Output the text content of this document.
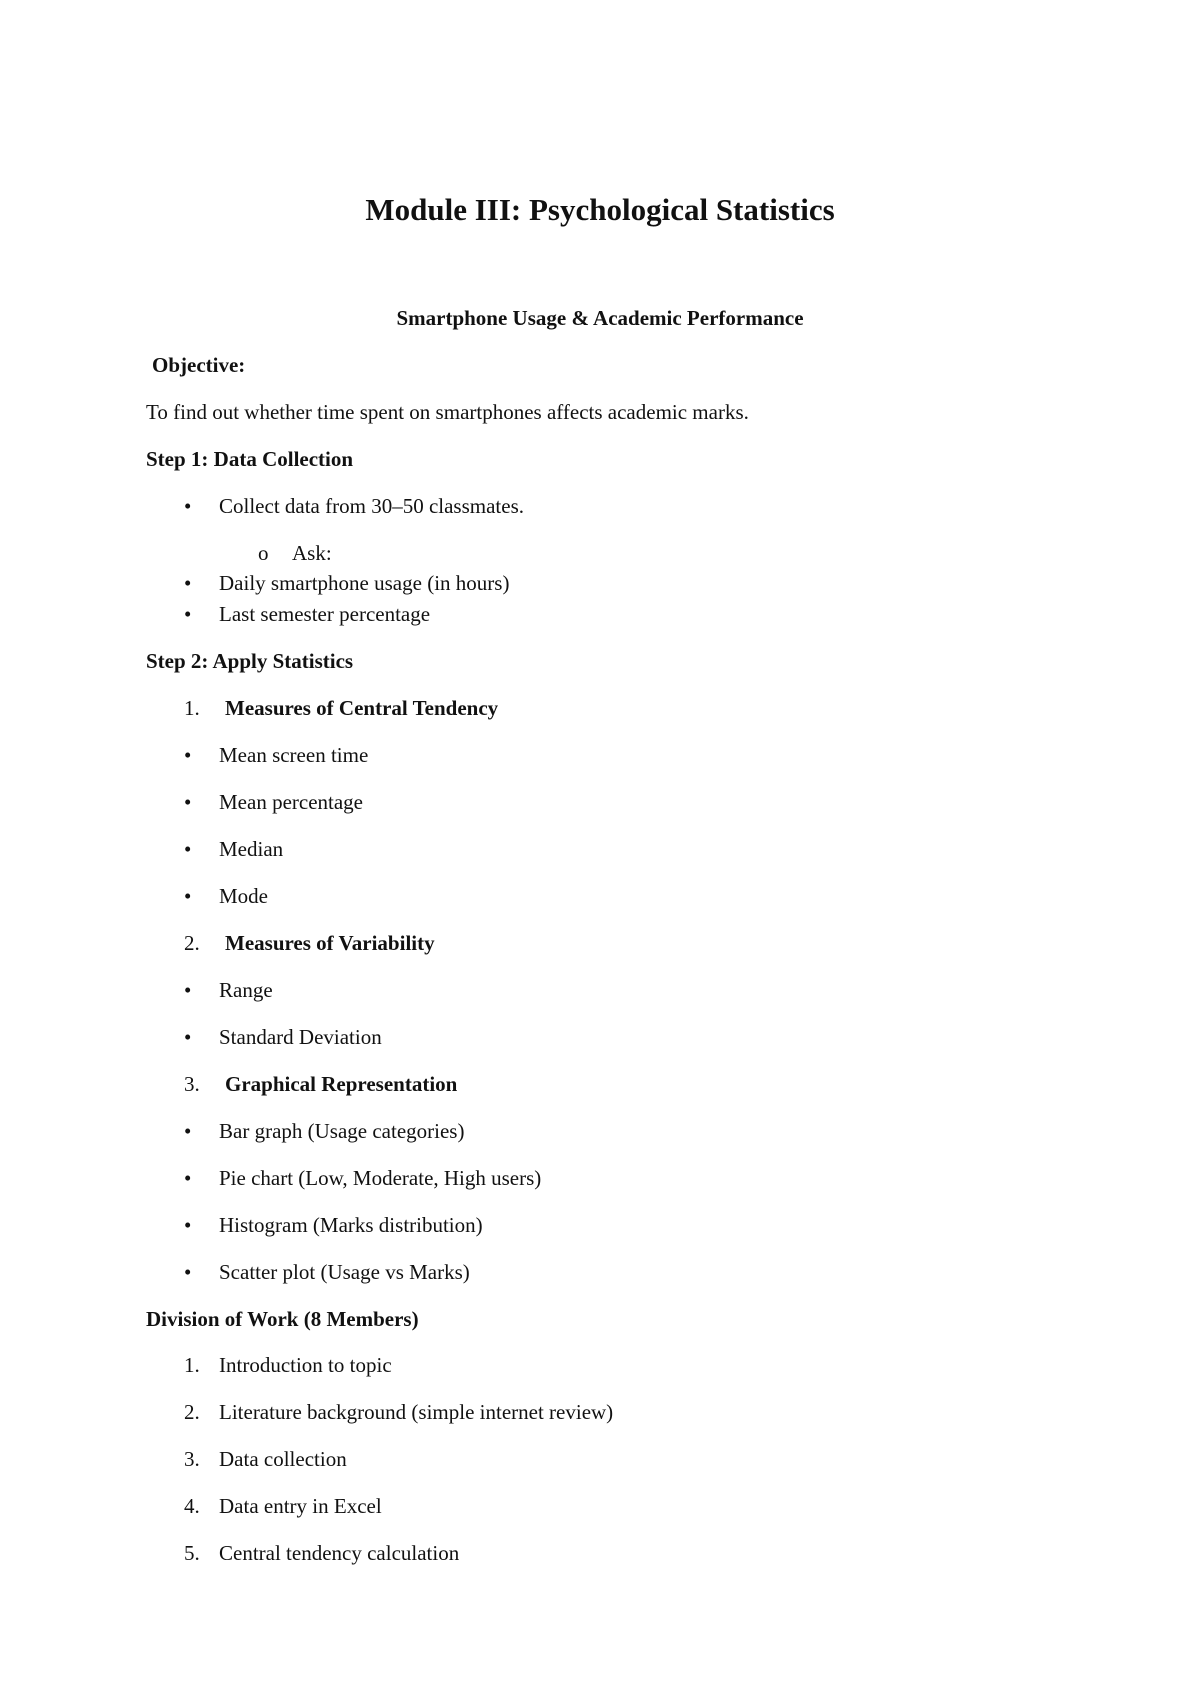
Module III: Psychological Statistics
Smartphone Usage & Academic Performance
Objective:
To find out whether time spent on smartphones affects academic marks.
Step 1: Data Collection
• Collect data from 30–50 classmates.
o Ask:
• Daily smartphone usage (in hours)
• Last semester percentage
Step 2: Apply Statistics
1. Measures of Central Tendency
• Mean screen time
• Mean percentage
• Median
• Mode
2. Measures of Variability
• Range
• Standard Deviation
3. Graphical Representation
• Bar graph (Usage categories)
• Pie chart (Low, Moderate, High users)
• Histogram (Marks distribution)
• Scatter plot (Usage vs Marks)
Division of Work (8 Members)
1. Introduction to topic
2. Literature background (simple internet review)
3. Data collection
4. Data entry in Excel
5. Central tendency calculation
